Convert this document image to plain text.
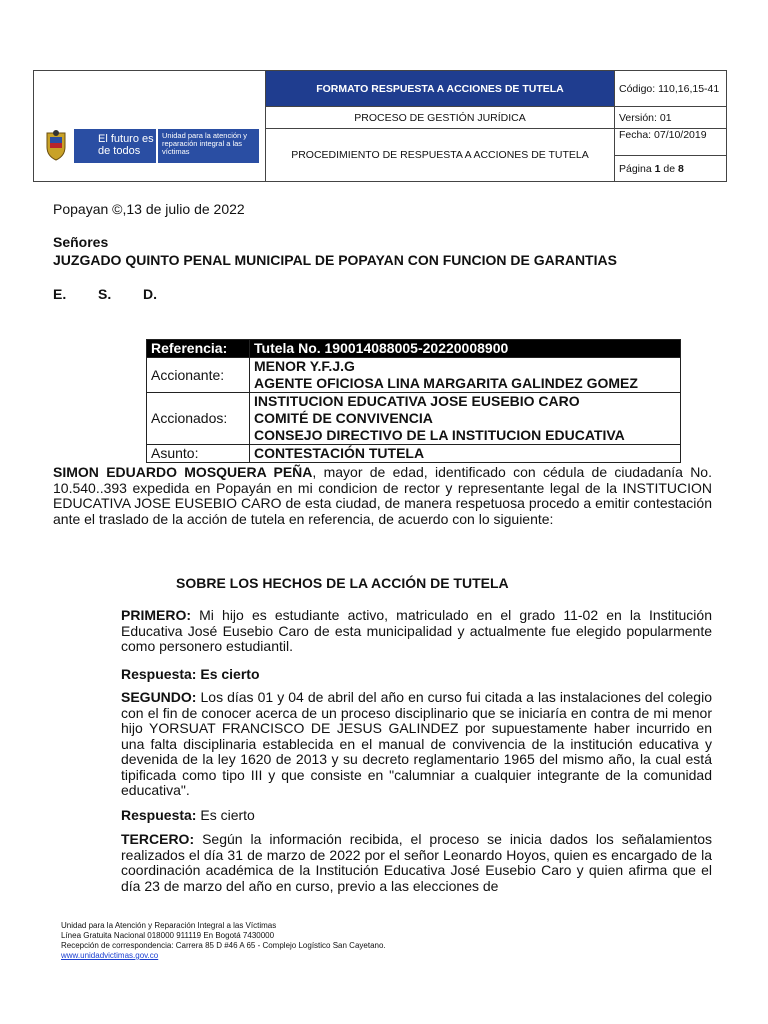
El futuro es de todos
Unidad para la atención y reparación integral a las víctimas	FORMATO RESPUESTA A ACCIONES DE TUTELA	Código: 110,16,15-41
	PROCESO DE GESTIÓN JURÍDICA	Versión: 01
	PROCEDIMIENTO DE RESPUESTA A ACCIONES DE TUTELA	Fecha: 07/10/2019
		Página 1 de 8
Popayan ©,13 de julio de 2022
Señores
JUZGADO QUINTO PENAL MUNICIPAL DE POPAYAN CON FUNCION DE GARANTIAS
E. S. D.
Referencia:	Tutela No. 190014088005-20220008900
Accionante:	MENOR Y.F.J.G
AGENTE OFICIOSA LINA MARGARITA GALINDEZ GOMEZ

Accionados:	INSTITUCION EDUCATIVA JOSE EUSEBIO CARO
COMITÉ DE CONVIVENCIA
CONSEJO DIRECTIVO DE LA INSTITUCION EDUCATIVA

Asunto:	CONTESTACIÓN TUTELA
SIMON EDUARDO MOSQUERA PEÑA, mayor de edad, identificado con cédula de ciudadanía No. 10.540..393 expedida en Popayán en mi condicion de rector y representante legal de la INSTITUCION EDUCATIVA JOSE EUSEBIO CARO de esta ciudad, de manera respetuosa procedo a emitir contestación ante el traslado de la acción de tutela en referencia, de acuerdo con lo siguiente:
SOBRE LOS HECHOS DE LA ACCIÓN DE TUTELA
PRIMERO: Mi hijo es estudiante activo, matriculado en el grado 11-02 en la Institución Educativa José Eusebio Caro de esta municipalidad y actualmente fue elegido popularmente como personero estudiantil.
Respuesta: Es cierto
SEGUNDO: Los días 01 y 04 de abril del año en curso fui citada a las instalaciones del colegio con el fin de conocer acerca de un proceso disciplinario que se iniciaría en contra de mi menor hijo YORSUAT FRANCISCO DE JESUS GALINDEZ por supuestamente haber incurrido en una falta disciplinaria establecida en el manual de convivencia de la institución educativa y devenida de la ley 1620 de 2013 y su decreto reglamentario 1965 del mismo año, la cual está tipificada como tipo III y que consiste en "calumniar a cualquier integrante de la comunidad educativa".
Respuesta: Es cierto
TERCERO: Según la información recibida, el proceso se inicia dados los señalamientos realizados el día 31 de marzo de 2022 por el señor Leonardo Hoyos, quien es encargado de la coordinación académica de la Institución Educativa José Eusebio Caro y quien afirma que el día 23 de marzo del año en curso, previo a las elecciones de
Unidad para la Atención y Reparación Integral a las Víctimas
Línea Gratuita Nacional 018000 911119 En Bogotá 7430000
Recepción de correspondencia: Carrera 85 D #46 A 65 - Complejo Logístico San Cayetano.
www.unidadvictimas.gov.co
